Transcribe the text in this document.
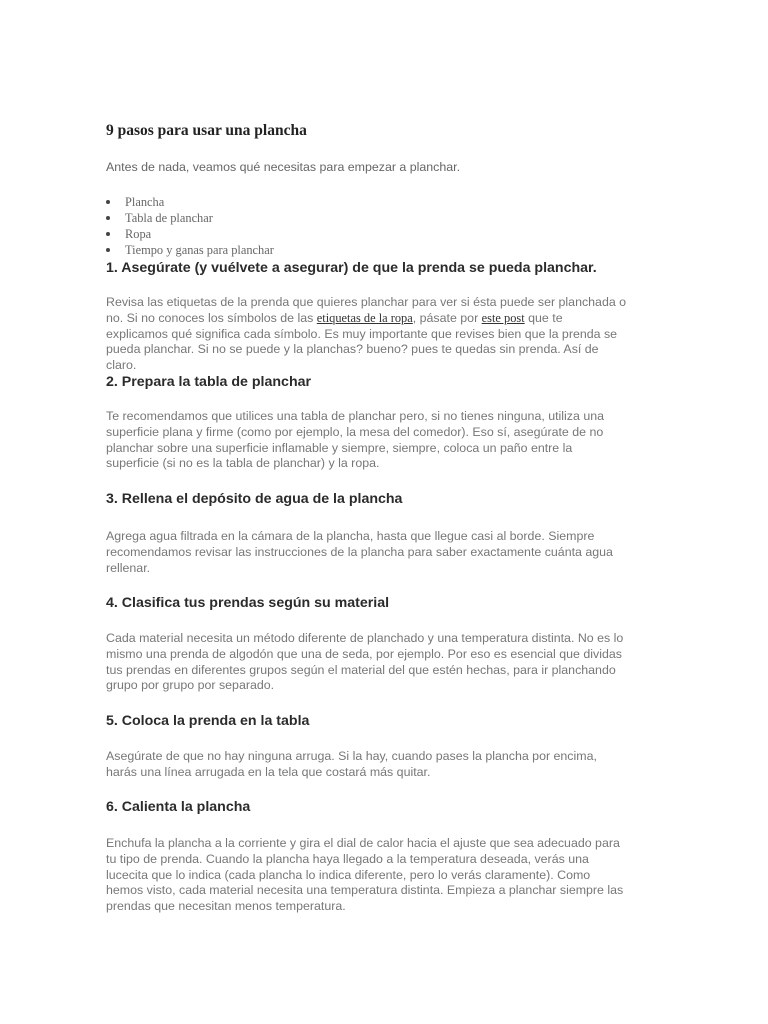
9 pasos para usar una plancha

Antes de nada, veamos qué necesitas para empezar a planchar.

Plancha
Tabla de planchar
Ropa
Tiempo y ganas para planchar
1. Asegúrate (y vuélvete a asegurar) de que la prenda se pueda planchar.

Revisa las etiquetas de la prenda que quieres planchar para ver si ésta puede ser planchada o
no. Si no conoces los símbolos de las etiquetas de la ropa, pásate por este post que te
explicamos qué significa cada símbolo. Es muy importante que revises bien que la prenda se
pueda planchar. Si no se puede y la planchas? bueno? pues te quedas sin prenda. Así de
claro.

2. Prepara la tabla de planchar

Te recomendamos que utilices una tabla de planchar pero, si no tienes ninguna, utiliza una
superficie plana y firme (como por ejemplo, la mesa del comedor). Eso sí, asegúrate de no
planchar sobre una superficie inflamable y siempre, siempre, coloca un paño entre la
superficie (si no es la tabla de planchar) y la ropa.

3. Rellena el depósito de agua de la plancha

Agrega agua filtrada en la cámara de la plancha, hasta que llegue casi al borde. Siempre
recomendamos revisar las instrucciones de la plancha para saber exactamente cuánta agua
rellenar.

4. Clasifica tus prendas según su material

Cada material necesita un método diferente de planchado y una temperatura distinta. No es lo
mismo una prenda de algodón que una de seda, por ejemplo. Por eso es esencial que dividas
tus prendas en diferentes grupos según el material del que estén hechas, para ir planchando
grupo por grupo por separado.

5. Coloca la prenda en la tabla

Asegúrate de que no hay ninguna arruga. Si la hay, cuando pases la plancha por encima,
harás una línea arrugada en la tela que costará más quitar.

6. Calienta la plancha

Enchufa la plancha a la corriente y gira el dial de calor hacia el ajuste que sea adecuado para
tu tipo de prenda. Cuando la plancha haya llegado a la temperatura deseada, verás una
lucecita que lo indica (cada plancha lo indica diferente, pero lo verás claramente). Como
hemos visto, cada material necesita una temperatura distinta. Empieza a planchar siempre las
prendas que necesitan menos temperatura.
